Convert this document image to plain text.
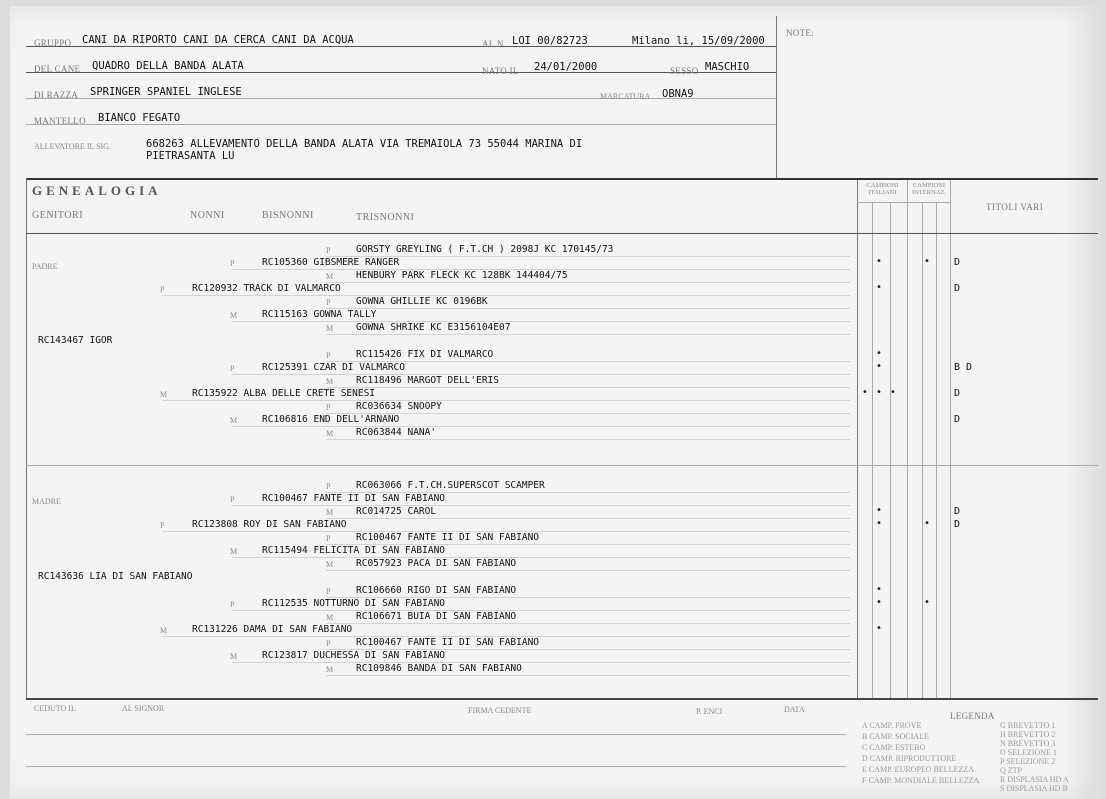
GRUPPO CANI DA RIPORTO CANI DA CERCA CANI DA ACQUA	AL N. LOI 00/82723	Milano li, 15/09/2000
NOTE:
DEL CANE QUADRO DELLA BANDA ALATA	NATO IL 24/01/2000	SESSO MASCHIO
DI RAZZA SPRINGER SPANIEL INGLESE	MARCATURA OBNA9
MANTELLO BIANCO FEGATO
ALLEVATORE IL SIG.	668263 ALLEVAMENTO DELLA BANDA ALATA VIA TREMAIOLA 73 55044 MARINA DI
PIETRASANTA LU
GENEALOGIA
GENITORI	NONNI	BISNONNI	TRISNONNI
CAMPIONI ITALIANI
CAMPIONI INTERNAZ.
TITOLI VARI
PADRE
MADRE
RC143467 IGOR
RC143636 LIA DI SAN FABIANO
P	GORSTY GREYLING ( F.T.CH ) 2098J KC 170145/73
P	RC105360 GIBSMERE RANGER	•	• D
M HENBURY PARK FLECK KC 128BK 144404/75
P	RC120932 TRACK DI VALMARCO	•	D
P	GOWNA GHILLIE KC 0196BK
M	RC115163 GOWNA TALLY
M GOWNA SHRIKE KC E3156104E07
P	RC115426 FIX DI VALMARCO	•
P	RC125391 CZAR DI VALMARCO	•	B D
M RC118496 MARGOT DELL'ERIS
M	RC135922 ALBA DELLE CRETE SENESI	• • •	D
P	RC036634 SNOOPY
M	RC106816 END DELL'ARNANO	D
M RC063844 NANA'
P	RC063066 F.T.CH.SUPERSCOT SCAMPER
P	RC100467 FANTE II DI SAN FABIANO
M RC014725 CAROL	•	D
P	RC123808 ROY DI SAN FABIANO	•	• D
P	RC100467 FANTE II DI SAN FABIANO
M	RC115494 FELICITA DI SAN FABIANO
M RC057923 PACA DI SAN FABIANO
P	RC106660 RIGO DI SAN FABIANO	•
P	RC112535 NOTTURNO DI SAN FABIANO	•	•
M RC106671 BUIA DI SAN FABIANO
M	RC131226 DAMA DI SAN FABIANO	•
P	RC100467 FANTE II DI SAN FABIANO
M	RC123817 DUCHESSA DI SAN FABIANO
M RC109846 BANDA DI SAN FABIANO
CEDUTO IL	AL SIGNOR	FIRMA CEDENTE	P. ENCI	DATA
LEGENDA
A CAMP. PROVE
B CAMP. SOCIALE
C CAMP. ESTERO
D CAMP. RIPRODUTTORE
E CAMP. EUROPEO BELLEZZA
F CAMP. MONDIALE BELLEZZA
G BREVETTO 1
H BREVETTO 2
N BREVETTO 3
O SELEZIONE 1
P SELEZIONE 2
Q ZTP
R DISPLASIA HD A
S DISPLASIA HD B
